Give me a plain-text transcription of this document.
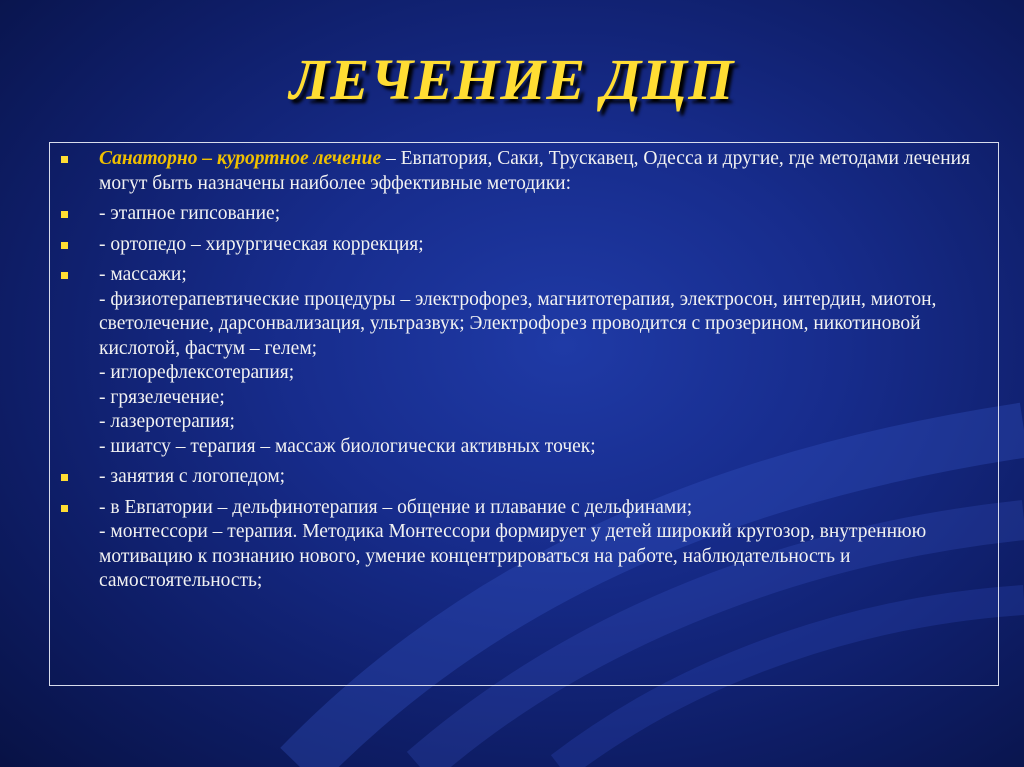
ЛЕЧЕНИЕ ДЦП
Санаторно – курортное лечение – Евпатория, Саки, Трускавец, Одесса и другие, где методами лечения могут быть назначены наиболее эффективные методики:
- этапное гипсование;
- ортопедо – хирургическая коррекция;
- массажи;
- физиотерапевтические процедуры – электрофорез, магнитотерапия, электросон, интердин, миотон, светолечение, дарсонвализация, ультразвук; Электрофорез проводится с прозерином, никотиновой кислотой, фастум – гелем;
- иглорефлексотерапия;
- грязелечение;
- лазеротерапия;
- шиатсу – терапия – массаж биологически активных точек;
- занятия с логопедом;
- в Евпатории – дельфинотерапия – общение и плавание с дельфинами;
- монтессори – терапия. Методика Монтессори формирует у детей широкий кругозор, внутреннюю мотивацию к познанию нового, умение концентрироваться на работе, наблюдательность и самостоятельность;
